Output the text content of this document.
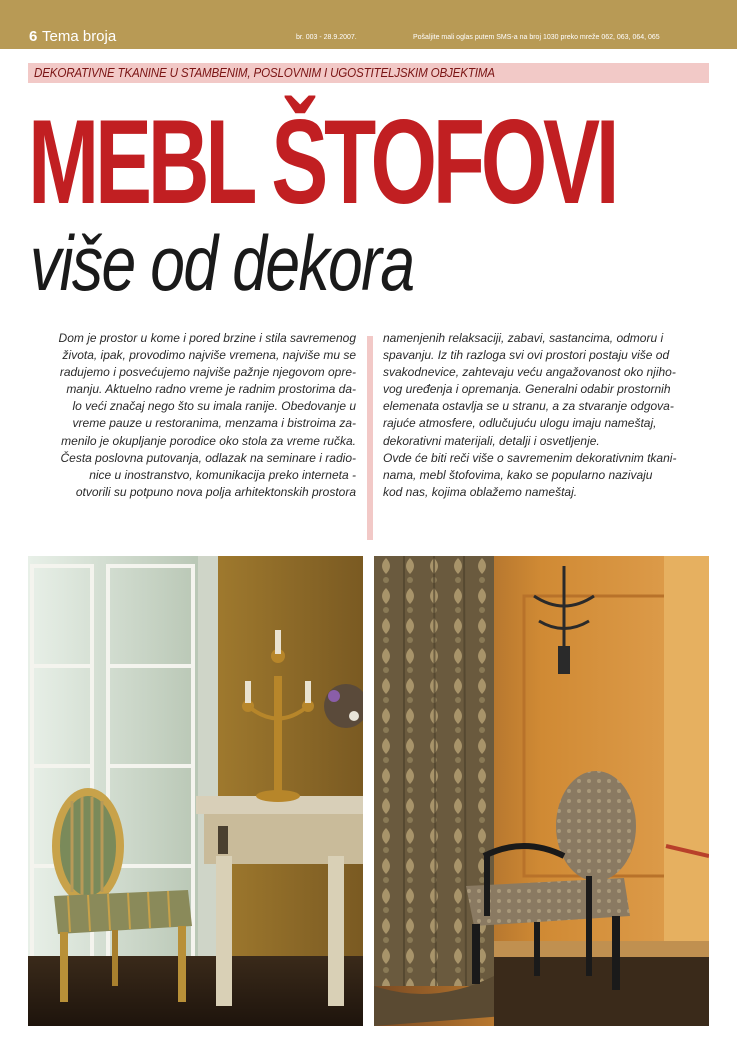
6 Tema broja	br. 003 - 28.9.2007.	Pošaljite mali oglas putem SMS-a na broj 1030 preko mreže 062, 063, 064, 065
DEKORATIVNE TKANINE U STAMBENIM, POSLOVNIM I UGOSTITELJSKIM OBJEKTIMA
MEBL ŠTOFOVI
više od dekora
Dom je prostor u kome i pored brzine i stila savremenog
života, ipak, provodimo najviše vremena, najviše mu se
radujemo i posvećujemo najviše pažnje njegovom opre-
manju. Aktuelno radno vreme je radnim prostorima da-
lo veći značaj nego što su imala ranije. Obedovanje u
vreme pauze u restoranima, menzama i bistroima za-
menilo je okupljanje porodice oko stola za vreme ručka.
Česta poslovna putovanja, odlazak na seminare i radio-
nice u inostranstvo, komunikacija preko interneta -
otvorili su potpuno nova polja arhitektonskih prostora
namenjenih relaksaciji, zabavi, sastancima, odmoru i
spavanju. Iz tih razloga svi ovi prostori postaju više od
svakodnevice, zahtevaju veću angažovanost oko njiho-
vog uređenja i opremanja. Generalni odabir prostornih
elemenata ostavlja se u stranu, a za stvaranje odgova-
rajuće atmosfere, odlučujuću ulogu imaju nameštaj,
dekorativni materijali, detalji i osvetljenje.
Ovde će biti reči više o savremenim dekorativnim tkani-
nama, mebl štofovima, kako se popularno nazivaju
kod nas, kojima oblažemo nameštaj.
